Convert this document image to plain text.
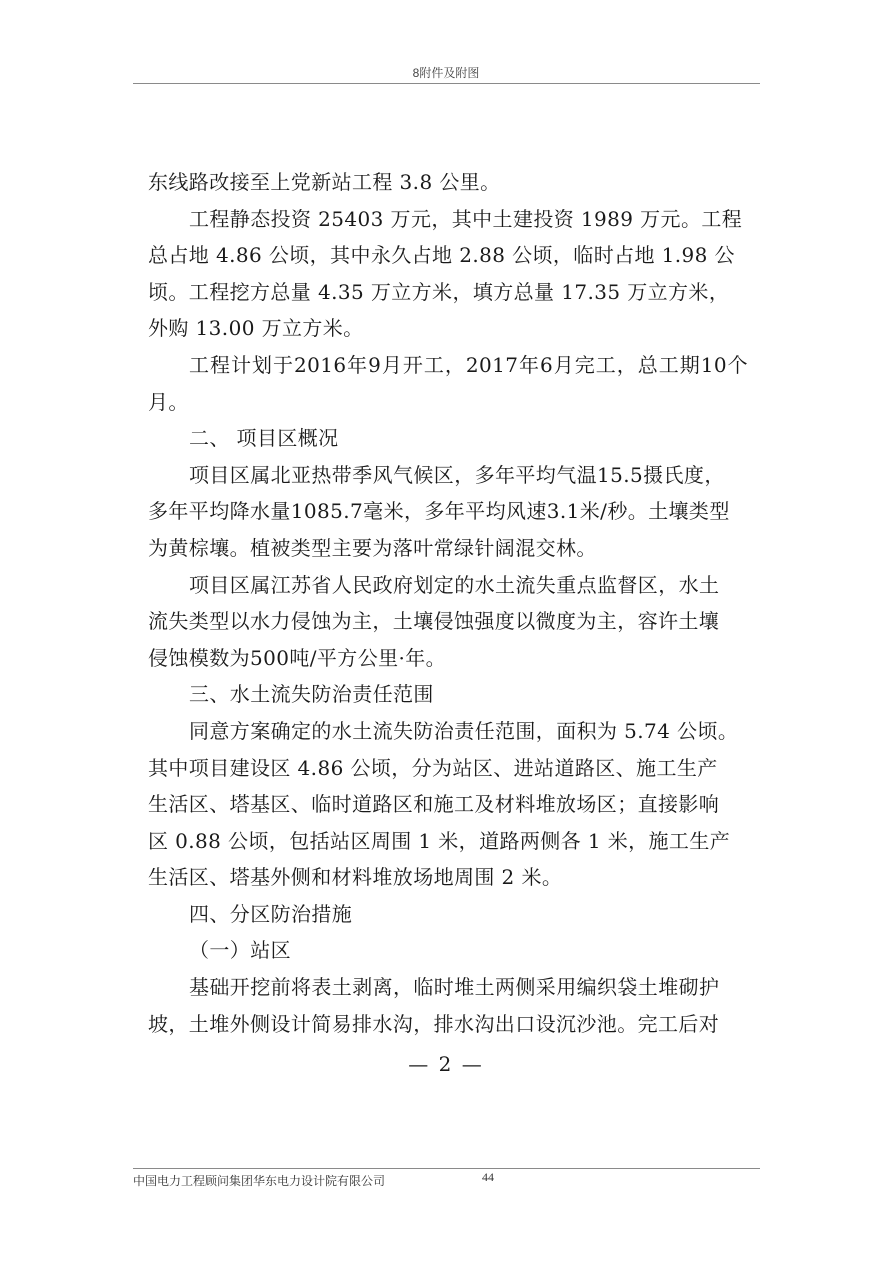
8附件及附图

东线路改接至上党新站工程 3.8 公里。

工程静态投资 25403 万元，其中土建投资 1989 万元。工程

总占地 4.86 公顷，其中永久占地 2.88 公顷，临时占地 1.98 公

顷。工程挖方总量 4.35 万立方米，填方总量 17.35 万立方米，

外购 13.00 万立方米。

工程计划于2016年9月开工，2017年6月完工，总工期10个月。

二、 项目区概况

项目区属北亚热带季风气候区，多年平均气温15.5摄氏度，

多年平均降水量1085.7毫米，多年平均风速3.1米/秒。土壤类型

为黄棕壤。植被类型主要为落叶常绿针阔混交林。

项目区属江苏省人民政府划定的水土流失重点监督区，水土

流失类型以水力侵蚀为主，土壤侵蚀强度以微度为主，容许土壤

侵蚀模数为500吨/平方公里·年。

三、水土流失防治责任范围

同意方案确定的水土流失防治责任范围，面积为 5.74 公顷。

其中项目建设区 4.86 公顷，分为站区、进站道路区、施工生产

生活区、塔基区、临时道路区和施工及材料堆放场区；直接影响

区 0.88 公顷，包括站区周围 1 米，道路两侧各 1 米，施工生产

生活区、塔基外侧和材料堆放场地周围 2 米。

四、分区防治措施

（一）站区

基础开挖前将表土剥离，临时堆土两侧采用编织袋土堆砌护

坡，土堆外侧设计简易排水沟，排水沟出口设沉沙池。完工后对

— 2 —
中国电力工程顾问集团华东电力设计院有限公司	44
